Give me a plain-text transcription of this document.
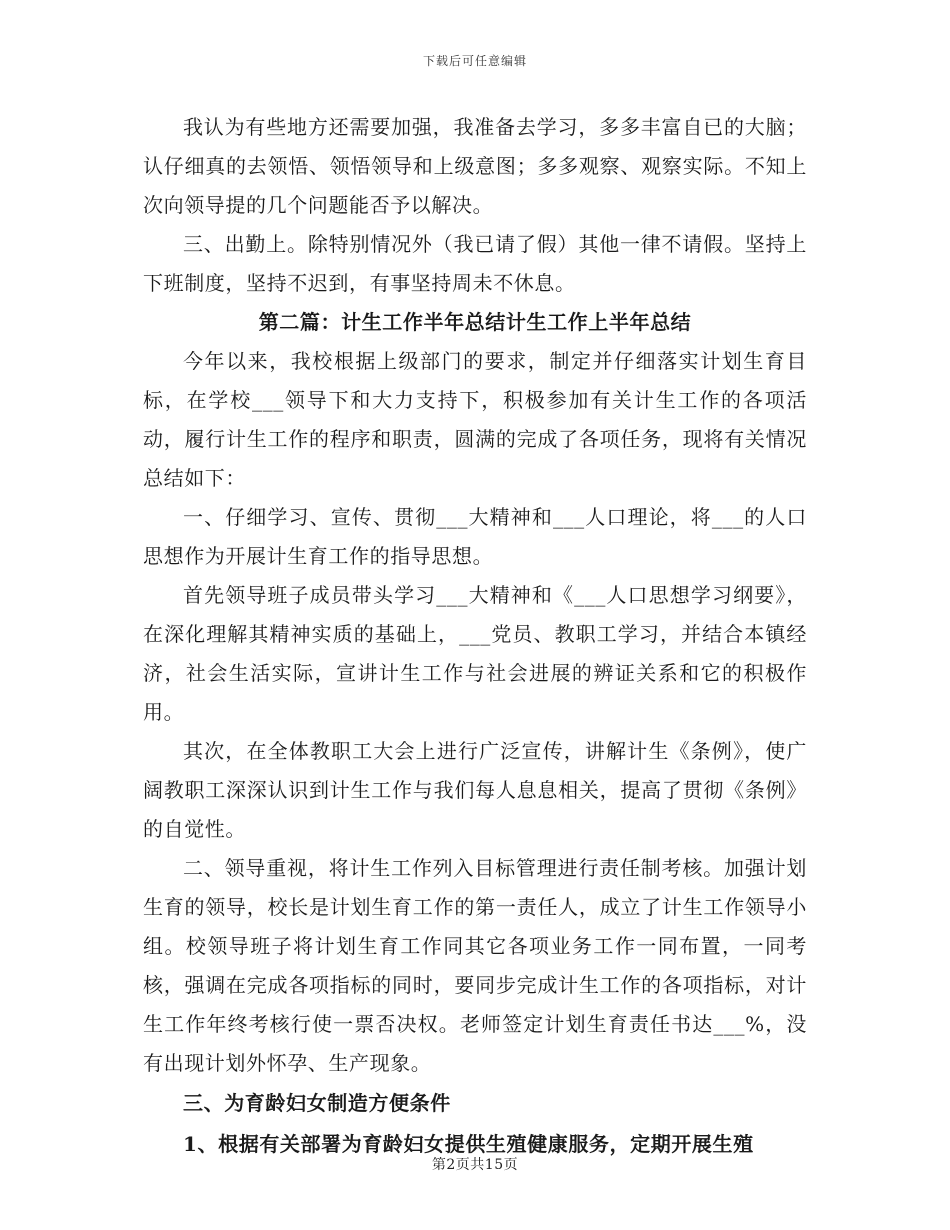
下载后可任意编辑

我认为有些地方还需要加强，我准备去学习，多多丰富自已的大脑；认仔细真的去领悟、领悟领导和上级意图；多多观察、观察实际。不知上次向领导提的几个问题能否予以解决。

三、出勤上。除特别情况外（我已请了假）其他一律不请假。坚持上下班制度，坚持不迟到，有事坚持周未不休息。

第二篇：计生工作半年总结计生工作上半年总结

今年以来，我校根据上级部门的要求，制定并仔细落实计划生育目标，在学校___领导下和大力支持下，积极参加有关计生工作的各项活动，履行计生工作的程序和职责，圆满的完成了各项任务，现将有关情况总结如下：

一、仔细学习、宣传、贯彻___大精神和___人口理论，将___的人口思想作为开展计生育工作的指导思想。

首先领导班子成员带头学习___大精神和《___人口思想学习纲要》，在深化理解其精神实质的基础上，___党员、教职工学习，并结合本镇经济，社会生活实际，宣讲计生工作与社会进展的辨证关系和它的积极作用。

其次，在全体教职工大会上进行广泛宣传，讲解计生《条例》，使广阔教职工深深认识到计生工作与我们每人息息相关，提高了贯彻《条例》的自觉性。

二、领导重视，将计生工作列入目标管理进行责任制考核。加强计划生育的领导，校长是计划生育工作的第一责任人，成立了计生工作领导小组。校领导班子将计划生育工作同其它各项业务工作一同布置，一同考核，强调在完成各项指标的同时，要同步完成计生工作的各项指标，对计生工作年终考核行使一票否决权。老师签定计划生育责任书达___%，没有出现计划外怀孕、生产现象。

三、为育龄妇女制造方便条件

1、根据有关部署为育龄妇女提供生殖健康服务，定期开展生殖

第2页共15页
